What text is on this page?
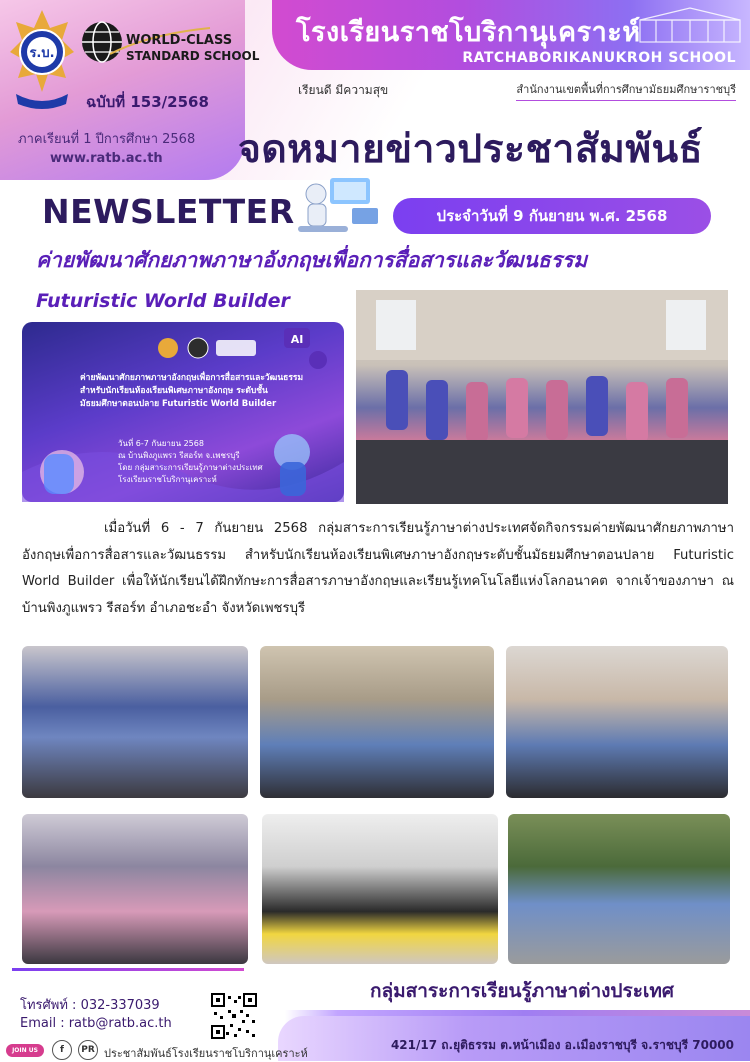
ร.บ.
WORLD-CLASS
STANDARD SCHOOL
ฉบับที่ 153/2568
ภาคเรียนที่ 1 ปีการศึกษา 2568
www.ratb.ac.th
โรงเรียนราชโบริกานุเคราะห์
RATCHABORIKANUKROH SCHOOL
เรียนดี มีความสุข	สำนักงานเขตพื้นที่การศึกษามัธยมศึกษาราชบุรี
จดหมายข่าวประชาสัมพันธ์
NEWSLETTER	ประจำวันที่ 9 กันยายน พ.ศ. 2568
ค่ายพัฒนาศักยภาพภาษาอังกฤษเพื่อการสื่อสารและวัฒนธรรม
Futuristic World Builder
AI
ค่ายพัฒนาศักยภาพภาษาอังกฤษเพื่อการสื่อสารและวัฒนธรรม สำหรับนักเรียนห้องเรียนพิเศษภาษาอังกฤษ ระดับชั้นมัธยมศึกษาตอนปลาย Futuristic World Builder
วันที่ 6-7 กันยายน 2568
ณ บ้านพิงภูแพรว รีสอร์ท จ.เพชรบุรี
โดย กลุ่มสาระการเรียนรู้ภาษาต่างประเทศ
โรงเรียนราชโบริกานุเคราะห์
เมื่อวันที่ 6 - 7 กันยายน 2568 กลุ่มสาระการเรียนรู้ภาษาต่างประเทศจัดกิจกรรมค่ายพัฒนาศักยภาพภาษาอังกฤษเพื่อการสื่อสารและวัฒนธรรม สำหรับนักเรียนห้องเรียนพิเศษภาษาอังกฤษระดับชั้นมัธยมศึกษาตอนปลาย Futuristic World Builder เพื่อให้นักเรียนได้ฝึกทักษะการสื่อสารภาษาอังกฤษและเรียนรู้เทคโนโลยีแห่งโลกอนาคต จากเจ้าของภาษา ณ บ้านพิงภูแพรว รีสอร์ท อำเภอชะอำ จังหวัดเพชรบุรี
กลุ่มสาระการเรียนรู้ภาษาต่างประเทศ
โทรศัพท์ : 032-337039
Email : ratb@ratb.ac.th
JOIN US	f	PR ประชาสัมพันธ์โรงเรียนราชโบริกานุเคราะห์
421/17 ถ.ยุติธรรม ต.หน้าเมือง อ.เมืองราชบุรี จ.ราชบุรี 70000
